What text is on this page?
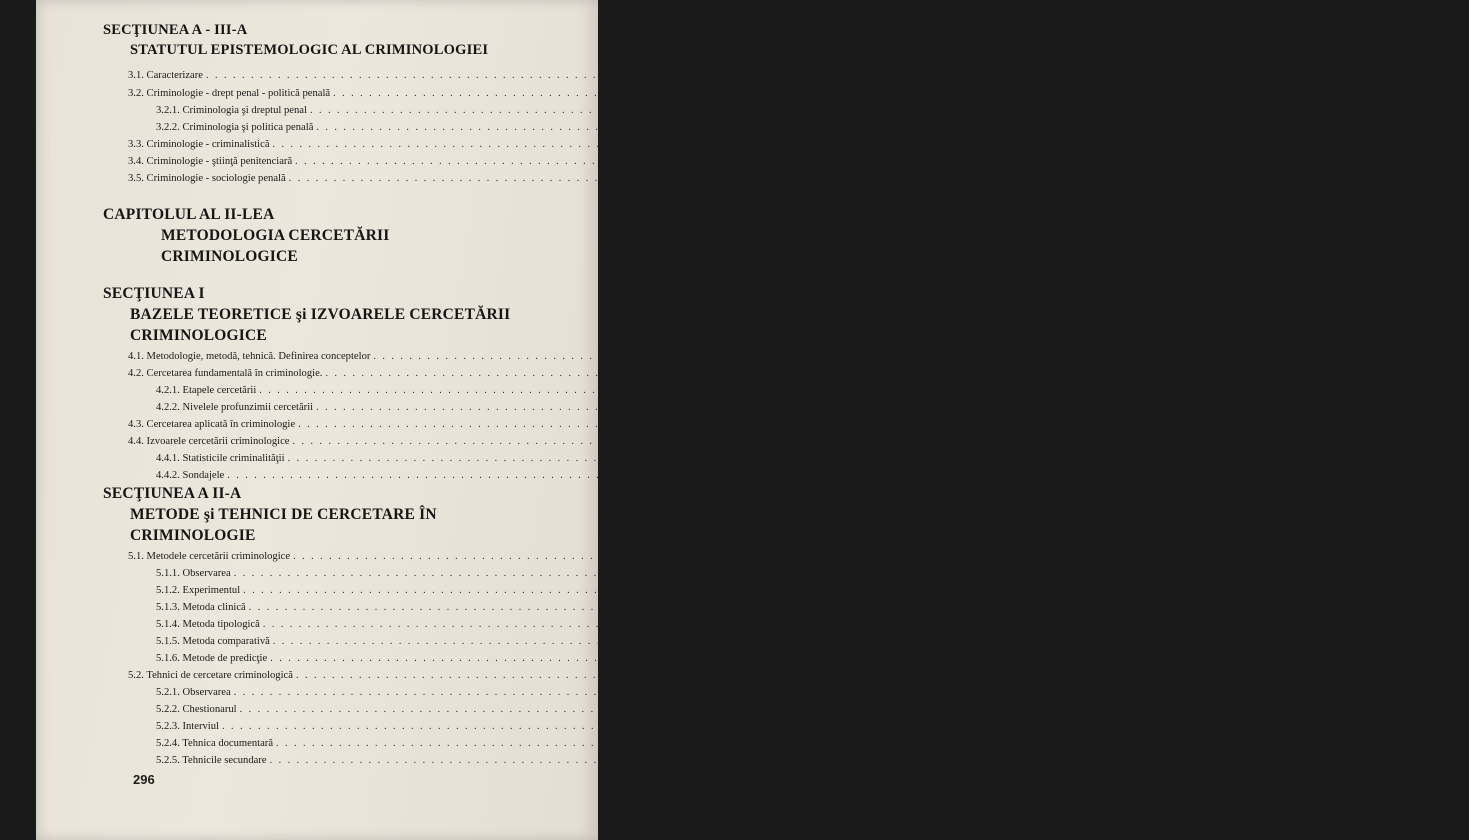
SECŢIUNEA A - III-A
STATUTUL EPISTEMOLOGIC AL CRIMINOLOGIEI
3.1. Caracterizare . . . . . . . . . . . . . . . . . . . . . . . . . . . . . . . . . . . . . . . . . . . . . . . . . . . . . . . . . . . . . . . . . . . . . . . . . . . . . . . . . . . . . . . . . . . . . . . . . . . . . . . . . . . . . . . . . . . . . . . . 36
3.2. Criminologie - drept penal - politică penală . . . . . . . . . . . . . . . . . . . . . . . . . . . . . . . . . . . . . . . . . . . . . . . . . . . . . . . . . . . . . . . . . . . . . . . . . . . . . . . . . . . . . . . . . . . . . . . . . . . . . . . . . . . . . . . . . . . . . . . . 37
3.2.1. Criminologia şi dreptul penal . . . . . . . . . . . . . . . . . . . . . . . . . . . . . . . . . . . . . . . . . . . . . . . . . . . . . . . . . . . . . . . . . . . . . . . . . . . . . . . . . . . . . . . . . . . . . . . . . . . . . . . . . . . . . . . . . . . . . . . . 37
3.2.2. Criminologia şi politica penală . . . . . . . . . . . . . . . . . . . . . . . . . . . . . . . . . . . . . . . . . . . . . . . . . . . . . . . . . . . . . . . . . . . . . . . . . . . . . . . . . . . . . . . . . . . . . . . . . . . . . . . . . . . . . . . . . . . . . . . . 39
3.3. Criminologie - criminalistică . . . . . . . . . . . . . . . . . . . . . . . . . . . . . . . . . . . . . . . . . . . . . . . . . . . . . . . . . . . . . . . . . . . . . . . . . . . . . . . . . . . . . . . . . . . . . . . . . . . . . . . . . . . . . . . . . . . . . . . . 41
3.4. Criminologie - ştiinţă penitenciară . . . . . . . . . . . . . . . . . . . . . . . . . . . . . . . . . . . . . . . . . . . . . . . . . . . . . . . . . . . . . . . . . . . . . . . . . . . . . . . . . . . . . . . . . . . . . . . . . . . . . . . . . . . . . . . . . . . . . . . . 42
3.5. Criminologie - sociologie penală . . . . . . . . . . . . . . . . . . . . . . . . . . . . . . . . . . . . . . . . . . . . . . . . . . . . . . . . . . . . . . . . . . . . . . . . . . . . . . . . . . . . . . . . . . . . . . . . . . . . . . . . . . . . . . . . . . . . . . . . 43
CAPITOLUL AL II-LEA
METODOLOGIA CERCETĂRII
CRIMINOLOGICE
SECŢIUNEA I
BAZELE TEORETICE şi IZVOARELE CERCETĂRII
CRIMINOLOGICE
4.1. Metodologie, metodă, tehnică. Definirea conceptelor . . . . . . . . . . . . . . . . . . . . . . . . . . . . . . . . . . . . . . . . . . . . . . . . . . . . . . . . . . . . . . . . . . . . . . . . . . . . . . . . . . . . . . . . . . . . . . . . . . . . . . . . . . . . . . . . . . . . . . . . 45
4.2. Cercetarea fundamentală în criminologie. . . . . . . . . . . . . . . . . . . . . . . . . . . . . . . . . . . . . . . . . . . . . . . . . . . . . . . . . . . . . . . . . . . . . . . . . . . . . . . . . . . . . . . . . . . . . . . . . . . . . . . . . . . . . . . . . . . . . . . . . 48
4.2.1. Etapele cercetării . . . . . . . . . . . . . . . . . . . . . . . . . . . . . . . . . . . . . . . . . . . . . . . . . . . . . . . . . . . . . . . . . . . . . . . . . . . . . . . . . . . . . . . . . . . . . . . . . . . . . . . . . . . . . . . . . . . . . . . . 48
4.2.2. Nivelele profunzimii cercetării . . . . . . . . . . . . . . . . . . . . . . . . . . . . . . . . . . . . . . . . . . . . . . . . . . . . . . . . . . . . . . . . . . . . . . . . . . . . . . . . . . . . . . . . . . . . . . . . . . . . . . . . . . . . . . . . . . . . . . . . 50
4.3. Cercetarea aplicată în criminologie . . . . . . . . . . . . . . . . . . . . . . . . . . . . . . . . . . . . . . . . . . . . . . . . . . . . . . . . . . . . . . . . . . . . . . . . . . . . . . . . . . . . . . . . . . . . . . . . . . . . . . . . . . . . . . . . . . . . . . . . 51
4.4. Izvoarele cercetării criminologice . . . . . . . . . . . . . . . . . . . . . . . . . . . . . . . . . . . . . . . . . . . . . . . . . . . . . . . . . . . . . . . . . . . . . . . . . . . . . . . . . . . . . . . . . . . . . . . . . . . . . . . . . . . . . . . . . . . . . . . . 52
4.4.1. Statisticile criminalităţii . . . . . . . . . . . . . . . . . . . . . . . . . . . . . . . . . . . . . . . . . . . . . . . . . . . . . . . . . . . . . . . . . . . . . . . . . . . . . . . . . . . . . . . . . . . . . . . . . . . . . . . . . . . . . . . . . . . . . . . . 52
4.4.2. Sondajele . . . . . . . . . . . . . . . . . . . . . . . . . . . . . . . . . . . . . . . . . . . . . . . . . . . . . . . . . . . . . . . . . . . . . . . . . . . . . . . . . . . . . . . . . . . . . . . . . . . . . . . . . . . . . . . . . . . . . . . . 54
SECŢIUNEA A II-A
METODE şi TEHNICI DE CERCETARE ÎN
CRIMINOLOGIE
5.1. Metodele cercetării criminologice . . . . . . . . . . . . . . . . . . . . . . . . . . . . . . . . . . . . . . . . . . . . . . . . . . . . . . . . . . . . . . . . . . . . . . . . . . . . . . . . . . . . . . . . . . . . . . . . . . . . . . . . . . . . . . . . . . . . . . . . 56
5.1.1. Observarea . . . . . . . . . . . . . . . . . . . . . . . . . . . . . . . . . . . . . . . . . . . . . . . . . . . . . . . . . . . . . . . . . . . . . . . . . . . . . . . . . . . . . . . . . . . . . . . . . . . . . . . . . . . . . . . . . . . . . . . . 57
5.1.2. Experimentul . . . . . . . . . . . . . . . . . . . . . . . . . . . . . . . . . . . . . . . . . . . . . . . . . . . . . . . . . . . . . . . . . . . . . . . . . . . . . . . . . . . . . . . . . . . . . . . . . . . . . . . . . . . . . . . . . . . . . . . . 58
5.1.3. Metoda clinică . . . . . . . . . . . . . . . . . . . . . . . . . . . . . . . . . . . . . . . . . . . . . . . . . . . . . . . . . . . . . . . . . . . . . . . . . . . . . . . . . . . . . . . . . . . . . . . . . . . . . . . . . . . . . . . . . . . . . . . . 61
5.1.4. Metoda tipologică . . . . . . . . . . . . . . . . . . . . . . . . . . . . . . . . . . . . . . . . . . . . . . . . . . . . . . . . . . . . . . . . . . . . . . . . . . . . . . . . . . . . . . . . . . . . . . . . . . . . . . . . . . . . . . . . . . . . . . . . 63
5.1.5. Metoda comparativă . . . . . . . . . . . . . . . . . . . . . . . . . . . . . . . . . . . . . . . . . . . . . . . . . . . . . . . . . . . . . . . . . . . . . . . . . . . . . . . . . . . . . . . . . . . . . . . . . . . . . . . . . . . . . . . . . . . . . . . . 65
5.1.6. Metode de predicţie . . . . . . . . . . . . . . . . . . . . . . . . . . . . . . . . . . . . . . . . . . . . . . . . . . . . . . . . . . . . . . . . . . . . . . . . . . . . . . . . . . . . . . . . . . . . . . . . . . . . . . . . . . . . . . . . . . . . . . . . 67
5.2. Tehnici de cercetare criminologică . . . . . . . . . . . . . . . . . . . . . . . . . . . . . . . . . . . . . . . . . . . . . . . . . . . . . . . . . . . . . . . . . . . . . . . . . . . . . . . . . . . . . . . . . . . . . . . . . . . . . . . . . . . . . . . . . . . . . . . . 68
5.2.1. Observarea . . . . . . . . . . . . . . . . . . . . . . . . . . . . . . . . . . . . . . . . . . . . . . . . . . . . . . . . . . . . . . . . . . . . . . . . . . . . . . . . . . . . . . . . . . . . . . . . . . . . . . . . . . . . . . . . . . . . . . . . 68
5.2.2. Chestionarul . . . . . . . . . . . . . . . . . . . . . . . . . . . . . . . . . . . . . . . . . . . . . . . . . . . . . . . . . . . . . . . . . . . . . . . . . . . . . . . . . . . . . . . . . . . . . . . . . . . . . . . . . . . . . . . . . . . . . . . . 71
5.2.3. Interviul . . . . . . . . . . . . . . . . . . . . . . . . . . . . . . . . . . . . . . . . . . . . . . . . . . . . . . . . . . . . . . . . . . . . . . . . . . . . . . . . . . . . . . . . . . . . . . . . . . . . . . . . . . . . . . . . . . . . . . . . 74
5.2.4. Tehnica documentară . . . . . . . . . . . . . . . . . . . . . . . . . . . . . . . . . . . . . . . . . . . . . . . . . . . . . . . . . . . . . . . . . . . . . . . . . . . . . . . . . . . . . . . . . . . . . . . . . . . . . . . . . . . . . . . . . . . . . . . . 77
5.2.5. Tehnicile secundare . . . . . . . . . . . . . . . . . . . . . . . . . . . . . . . . . . . . . . . . . . . . . . . . . . . . . . . . . . . . . . . . . . . . . . . . . . . . . . . . . . . . . . . . . . . . . . . . . . . . . . . . . . . . . . . . . . . . . . . . 79
296
